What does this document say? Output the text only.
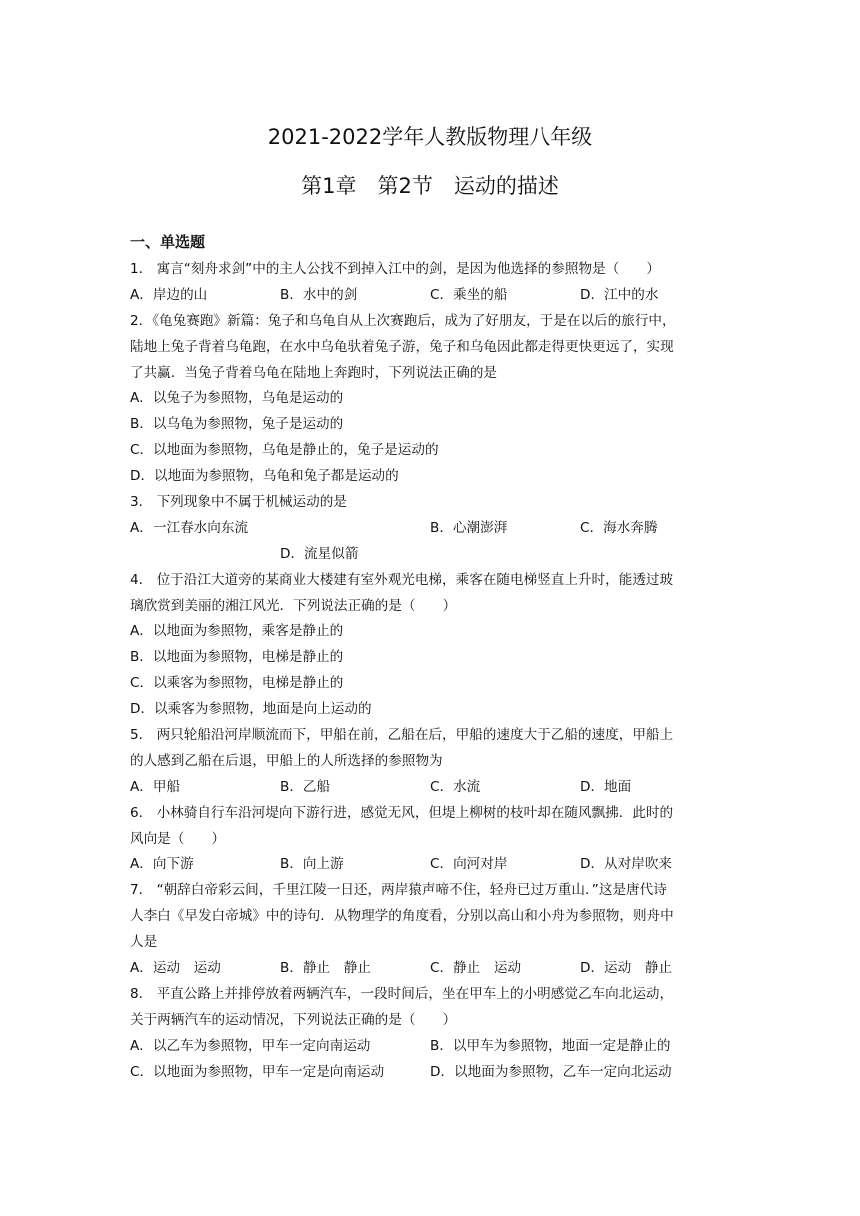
2021-2022学年人教版物理八年级
第1章　第2节　运动的描述
一、单选题
1． 寓言“刻舟求剑”中的主人公找不到掉入江中的剑，是因为他选择的参照物是（　　）
A．岸边的山	B．水中的剑	C．乘坐的船	D．江中的水
2．《龟兔赛跑》新篇：兔子和乌龟自从上次赛跑后，成为了好朋友，于是在以后的旅行中，
陆地上兔子背着乌龟跑，在水中乌龟驮着兔子游，兔子和乌龟因此都走得更快更远了，实现
了共赢．当兔子背着乌龟在陆地上奔跑时，下列说法正确的是
A．以兔子为参照物，乌龟是运动的
B．以乌龟为参照物，兔子是运动的
C．以地面为参照物，乌龟是静止的，兔子是运动的
D．以地面为参照物，乌龟和兔子都是运动的
3． 下列现象中不属于机械运动的是
A．一江春水向东流	B．心潮澎湃	C．海水奔腾
D．流星似箭
4． 位于沿江大道旁的某商业大楼建有室外观光电梯，乘客在随电梯竖直上升时，能透过玻
璃欣赏到美丽的湘江风光．下列说法正确的是（　　）
A．以地面为参照物，乘客是静止的
B．以地面为参照物，电梯是静止的
C．以乘客为参照物，电梯是静止的
D．以乘客为参照物，地面是向上运动的
5． 两只轮船沿河岸顺流而下，甲船在前，乙船在后，甲船的速度大于乙船的速度，甲船上
的人感到乙船在后退，甲船上的人所选择的参照物为
A．甲船	B．乙船	C．水流	D．地面
6． 小林骑自行车沿河堤向下游行进，感觉无风，但堤上柳树的枝叶却在随风飘拂．此时的
风向是（　　）
A．向下游	B．向上游	C．向河对岸	D．从对岸吹来
7． “朝辞白帝彩云间，千里江陵一日还，两岸猿声啼不住，轻舟已过万重山．”这是唐代诗
人李白《早发白帝城》中的诗句．从物理学的角度看，分别以高山和小舟为参照物，则舟中
人是
A．运动　运动	B．静止　静止	C．静止　运动	D．运动　静止
8． 平直公路上并排停放着两辆汽车，一段时间后，坐在甲车上的小明感觉乙车向北运动，
关于两辆汽车的运动情况，下列说法正确的是（　　）
A．以乙车为参照物，甲车一定向南运动	B．以甲车为参照物，地面一定是静止的
C．以地面为参照物，甲车一定是向南运动	D．以地面为参照物，乙车一定向北运动
